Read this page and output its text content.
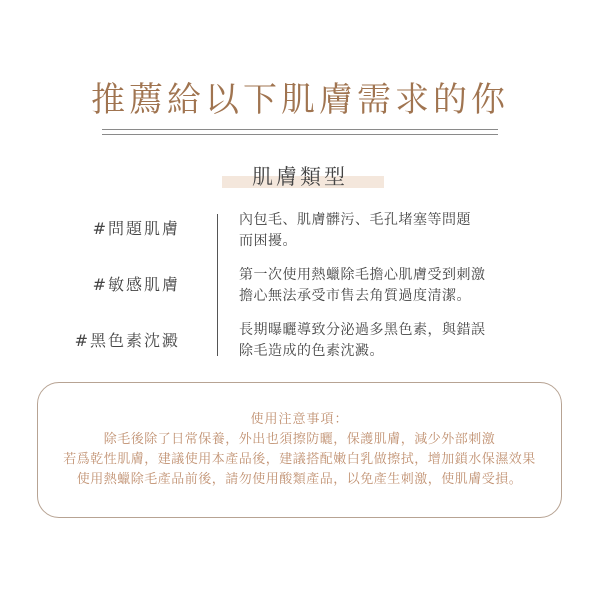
推薦給以下肌膚需求的你
肌膚類型
#問題肌膚	內包毛、肌膚髒污、毛孔堵塞等問題
而困擾。

#敏感肌膚	第一次使用熱蠟除毛擔心肌膚受到刺激
擔心無法承受市售去角質過度清潔。

#黑色素沈澱

長期曝曬導致分泌過多黑色素，與錯誤
除毛造成的色素沈澱。

使用注意事項：
除毛後除了日常保養，外出也須擦防曬，保護肌膚，減少外部刺激
若爲乾性肌膚，建議使用本產品後，建議搭配嫩白乳做擦拭，增加鎖水保濕效果
使用熱蠟除毛產品前後，請勿使用酸類產品，以免產生刺激，使肌膚受損。
